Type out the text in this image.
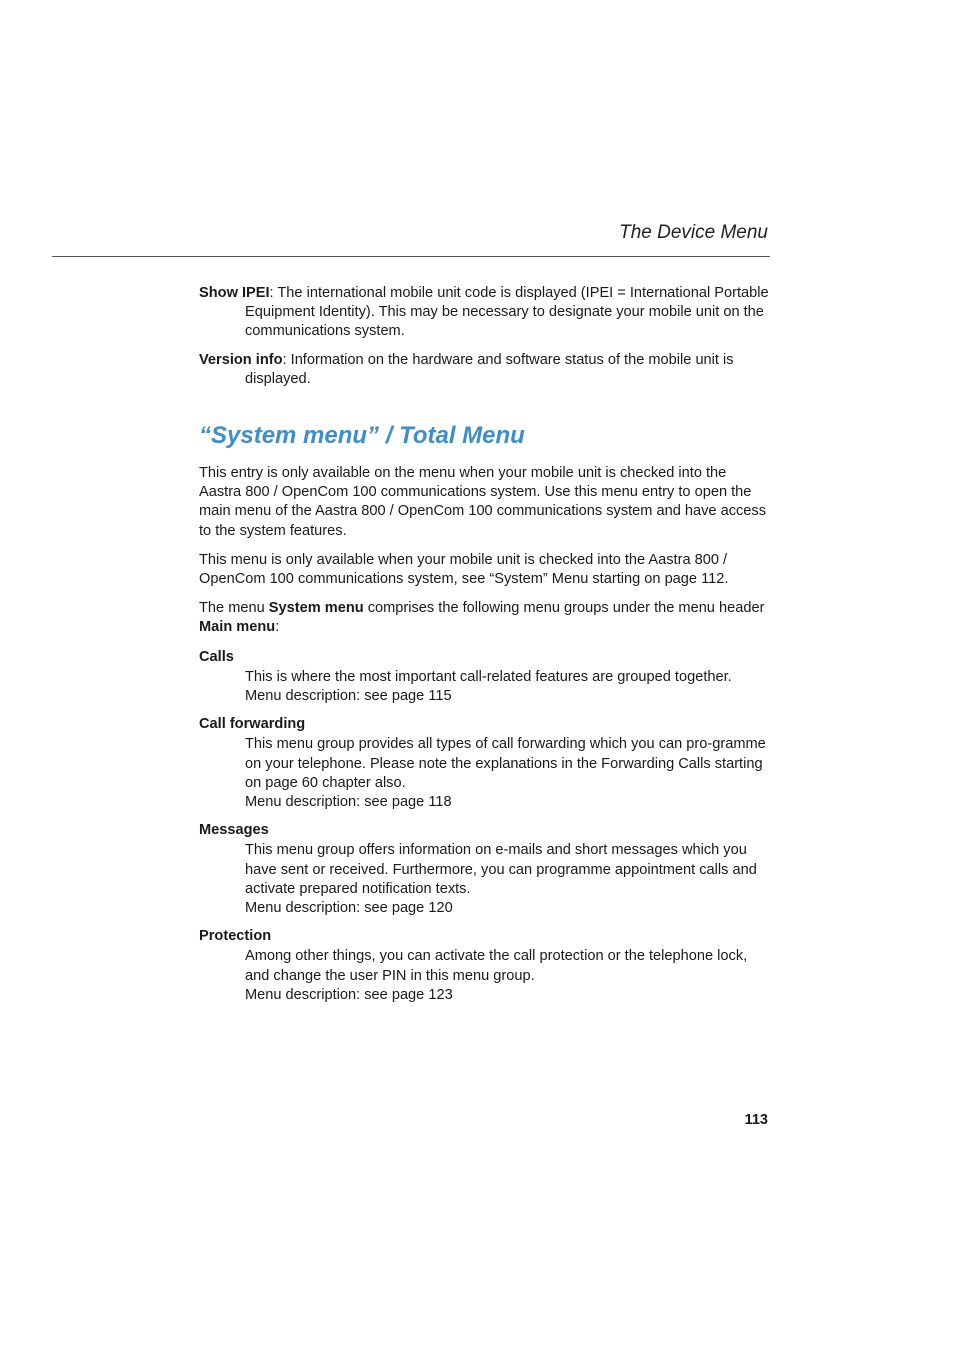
The Device Menu
Show IPEI: The international mobile unit code is displayed (IPEI = International Portable Equipment Identity). This may be necessary to designate your mobile unit on the communications system.
Version info: Information on the hardware and software status of the mobile unit is displayed.
“System menu” / Total Menu

This entry is only available on the menu when your mobile unit is checked into the Aastra 800 / OpenCom 100 communications system. Use this menu entry to open the main menu of the Aastra 800 / OpenCom 100 communications system and have access to the system features.

This menu is only available when your mobile unit is checked into the Aastra 800 / OpenCom 100 communications system, see “System” Menu starting on page 112.

The menu System menu comprises the following menu groups under the menu header Main menu:

Calls
This is where the most important call-related features are grouped together.
Menu description: see page 115
Call forwarding
This menu group provides all types of call forwarding which you can pro-gramme on your telephone. Please note the explanations in the Forwarding Calls starting on page 60 chapter also.
Menu description: see page 118
Messages
This menu group offers information on e-mails and short messages which you have sent or received. Furthermore, you can programme appointment calls and activate prepared notification texts.
Menu description: see page 120
Protection
Among other things, you can activate the call protection or the telephone lock, and change the user PIN in this menu group.
Menu description: see page 123
113
